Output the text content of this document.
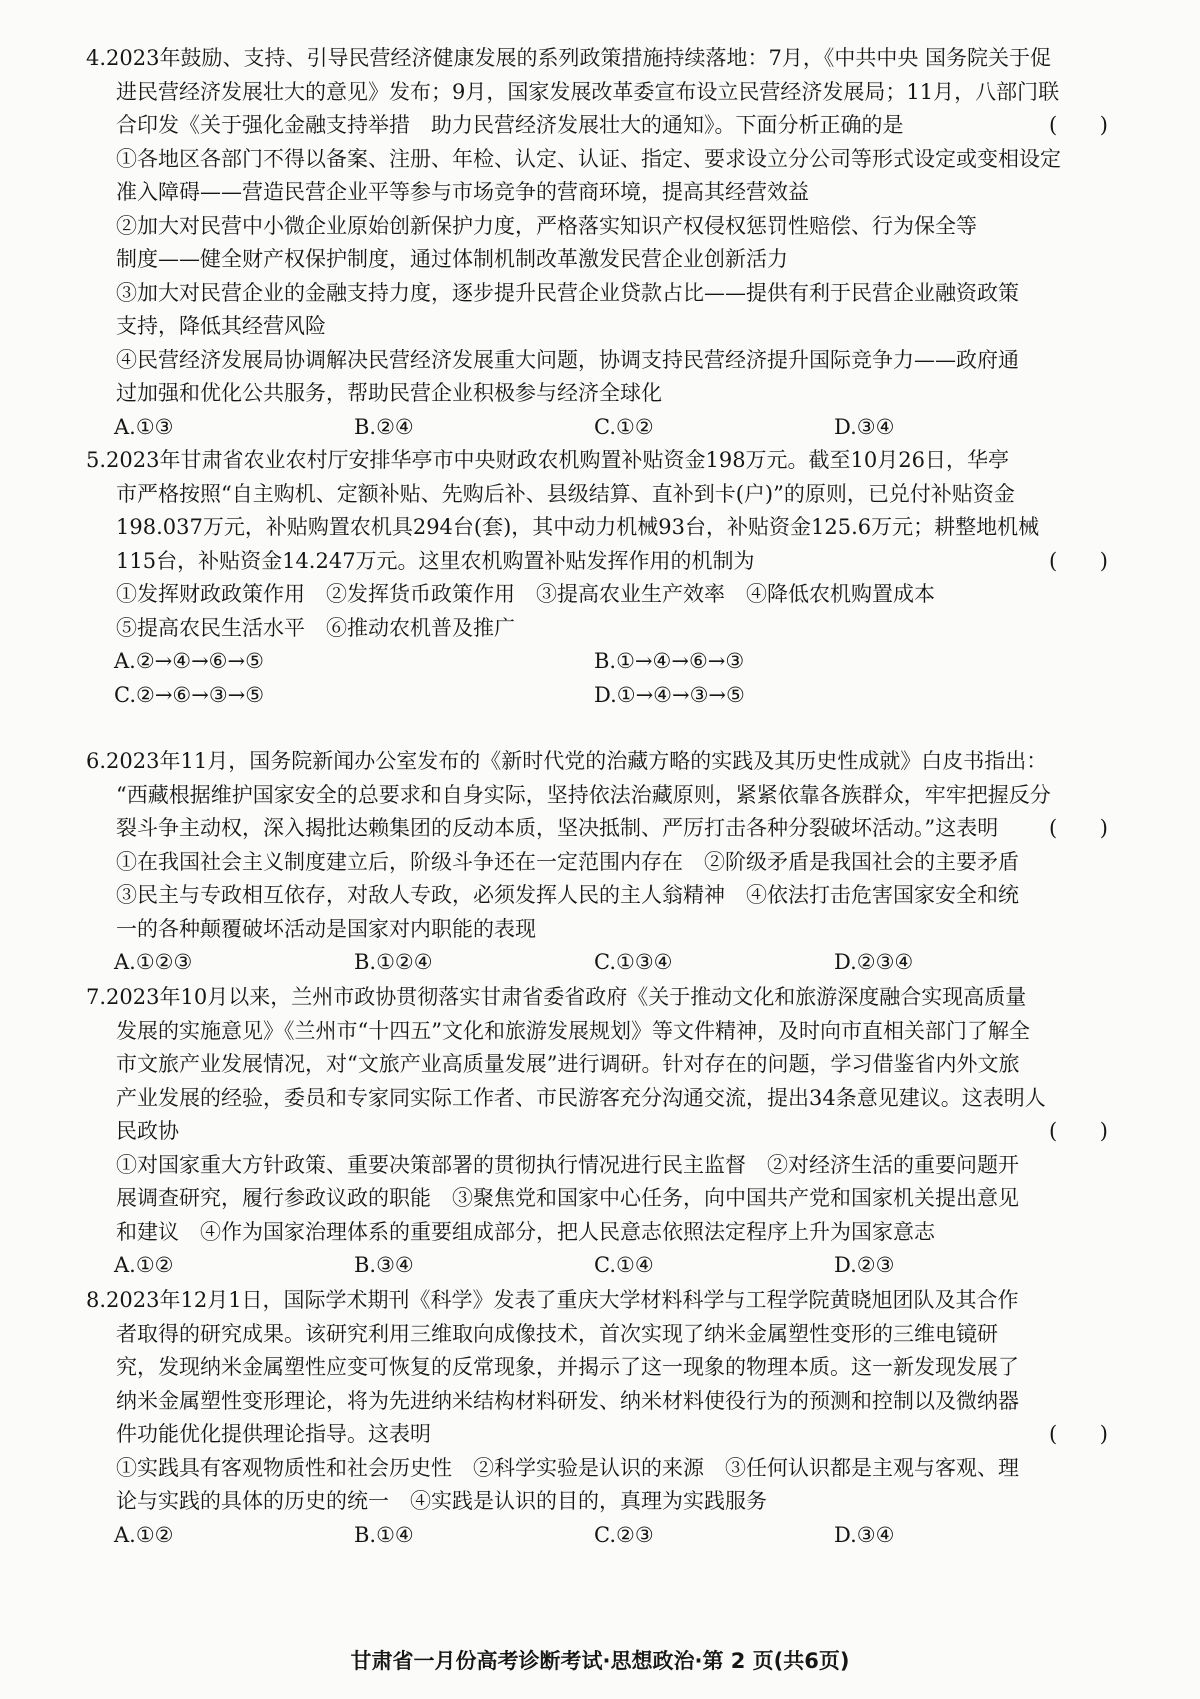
4.2023年鼓励、支持、引导民营经济健康发展的系列政策措施持续落地：7月，《中共中央 国务院关于促
进民营经济发展壮大的意见》发布；9月，国家发展改革委宣布设立民营经济发展局；11月，八部门联
合印发《关于强化金融支持举措　助力民营经济发展壮大的通知》。下面分析正确的是	( )
①各地区各部门不得以备案、注册、年检、认定、认证、指定、要求设立分公司等形式设定或变相设定
准入障碍——营造民营企业平等参与市场竞争的营商环境，提高其经营效益
②加大对民营中小微企业原始创新保护力度，严格落实知识产权侵权惩罚性赔偿、行为保全等
制度——健全财产权保护制度，通过体制机制改革激发民营企业创新活力
③加大对民营企业的金融支持力度，逐步提升民营企业贷款占比——提供有利于民营企业融资政策
支持，降低其经营风险
④民营经济发展局协调解决民营经济发展重大问题，协调支持民营经济提升国际竞争力——政府通
过加强和优化公共服务，帮助民营企业积极参与经济全球化
A.①③	B.②④	C.①②	D.③④
5.2023年甘肃省农业农村厅安排华亭市中央财政农机购置补贴资金198万元。截至10月26日，华亭
市严格按照“自主购机、定额补贴、先购后补、县级结算、直补到卡(户)”的原则，已兑付补贴资金
198.037万元，补贴购置农机具294台(套)，其中动力机械93台，补贴资金125.6万元；耕整地机械
115台，补贴资金14.247万元。这里农机购置补贴发挥作用的机制为	( )
①发挥财政政策作用　②发挥货币政策作用　③提高农业生产效率　④降低农机购置成本
⑤提高农民生活水平　⑥推动农机普及推广
A.②→④→⑥→⑤	B.①→④→⑥→③
C.②→⑥→③→⑤	D.①→④→③→⑤
6.2023年11月，国务院新闻办公室发布的《新时代党的治藏方略的实践及其历史性成就》白皮书指出：
“西藏根据维护国家安全的总要求和自身实际，坚持依法治藏原则，紧紧依靠各族群众，牢牢把握反分
裂斗争主动权，深入揭批达赖集团的反动本质，坚决抵制、严厉打击各种分裂破坏活动。”这表明 ( )
①在我国社会主义制度建立后，阶级斗争还在一定范围内存在　②阶级矛盾是我国社会的主要矛盾
③民主与专政相互依存，对敌人专政，必须发挥人民的主人翁精神　④依法打击危害国家安全和统
一的各种颠覆破坏活动是国家对内职能的表现
A.①②③	B.①②④	C.①③④	D.②③④
7.2023年10月以来，兰州市政协贯彻落实甘肃省委省政府《关于推动文化和旅游深度融合实现高质量
发展的实施意见》《兰州市“十四五”文化和旅游发展规划》等文件精神，及时向市直相关部门了解全
市文旅产业发展情况，对“文旅产业高质量发展”进行调研。针对存在的问题，学习借鉴省内外文旅
产业发展的经验，委员和专家同实际工作者、市民游客充分沟通交流，提出34条意见建议。这表明人
民政协	( )
①对国家重大方针政策、重要决策部署的贯彻执行情况进行民主监督　②对经济生活的重要问题开
展调查研究，履行参政议政的职能　③聚焦党和国家中心任务，向中国共产党和国家机关提出意见
和建议　④作为国家治理体系的重要组成部分，把人民意志依照法定程序上升为国家意志
A.①②	B.③④	C.①④	D.②③
8.2023年12月1日，国际学术期刊《科学》发表了重庆大学材料科学与工程学院黄晓旭团队及其合作
者取得的研究成果。该研究利用三维取向成像技术，首次实现了纳米金属塑性变形的三维电镜研
究，发现纳米金属塑性应变可恢复的反常现象，并揭示了这一现象的物理本质。这一新发现发展了
纳米金属塑性变形理论，将为先进纳米结构材料研发、纳米材料使役行为的预测和控制以及微纳器
件功能优化提供理论指导。这表明	( )
①实践具有客观物质性和社会历史性　②科学实验是认识的来源　③任何认识都是主观与客观、理
论与实践的具体的历史的统一　④实践是认识的目的，真理为实践服务
A.①②	B.①④	C.②③	D.③④
甘肃省一月份高考诊断考试·思想政治·第 2 页(共6页)
